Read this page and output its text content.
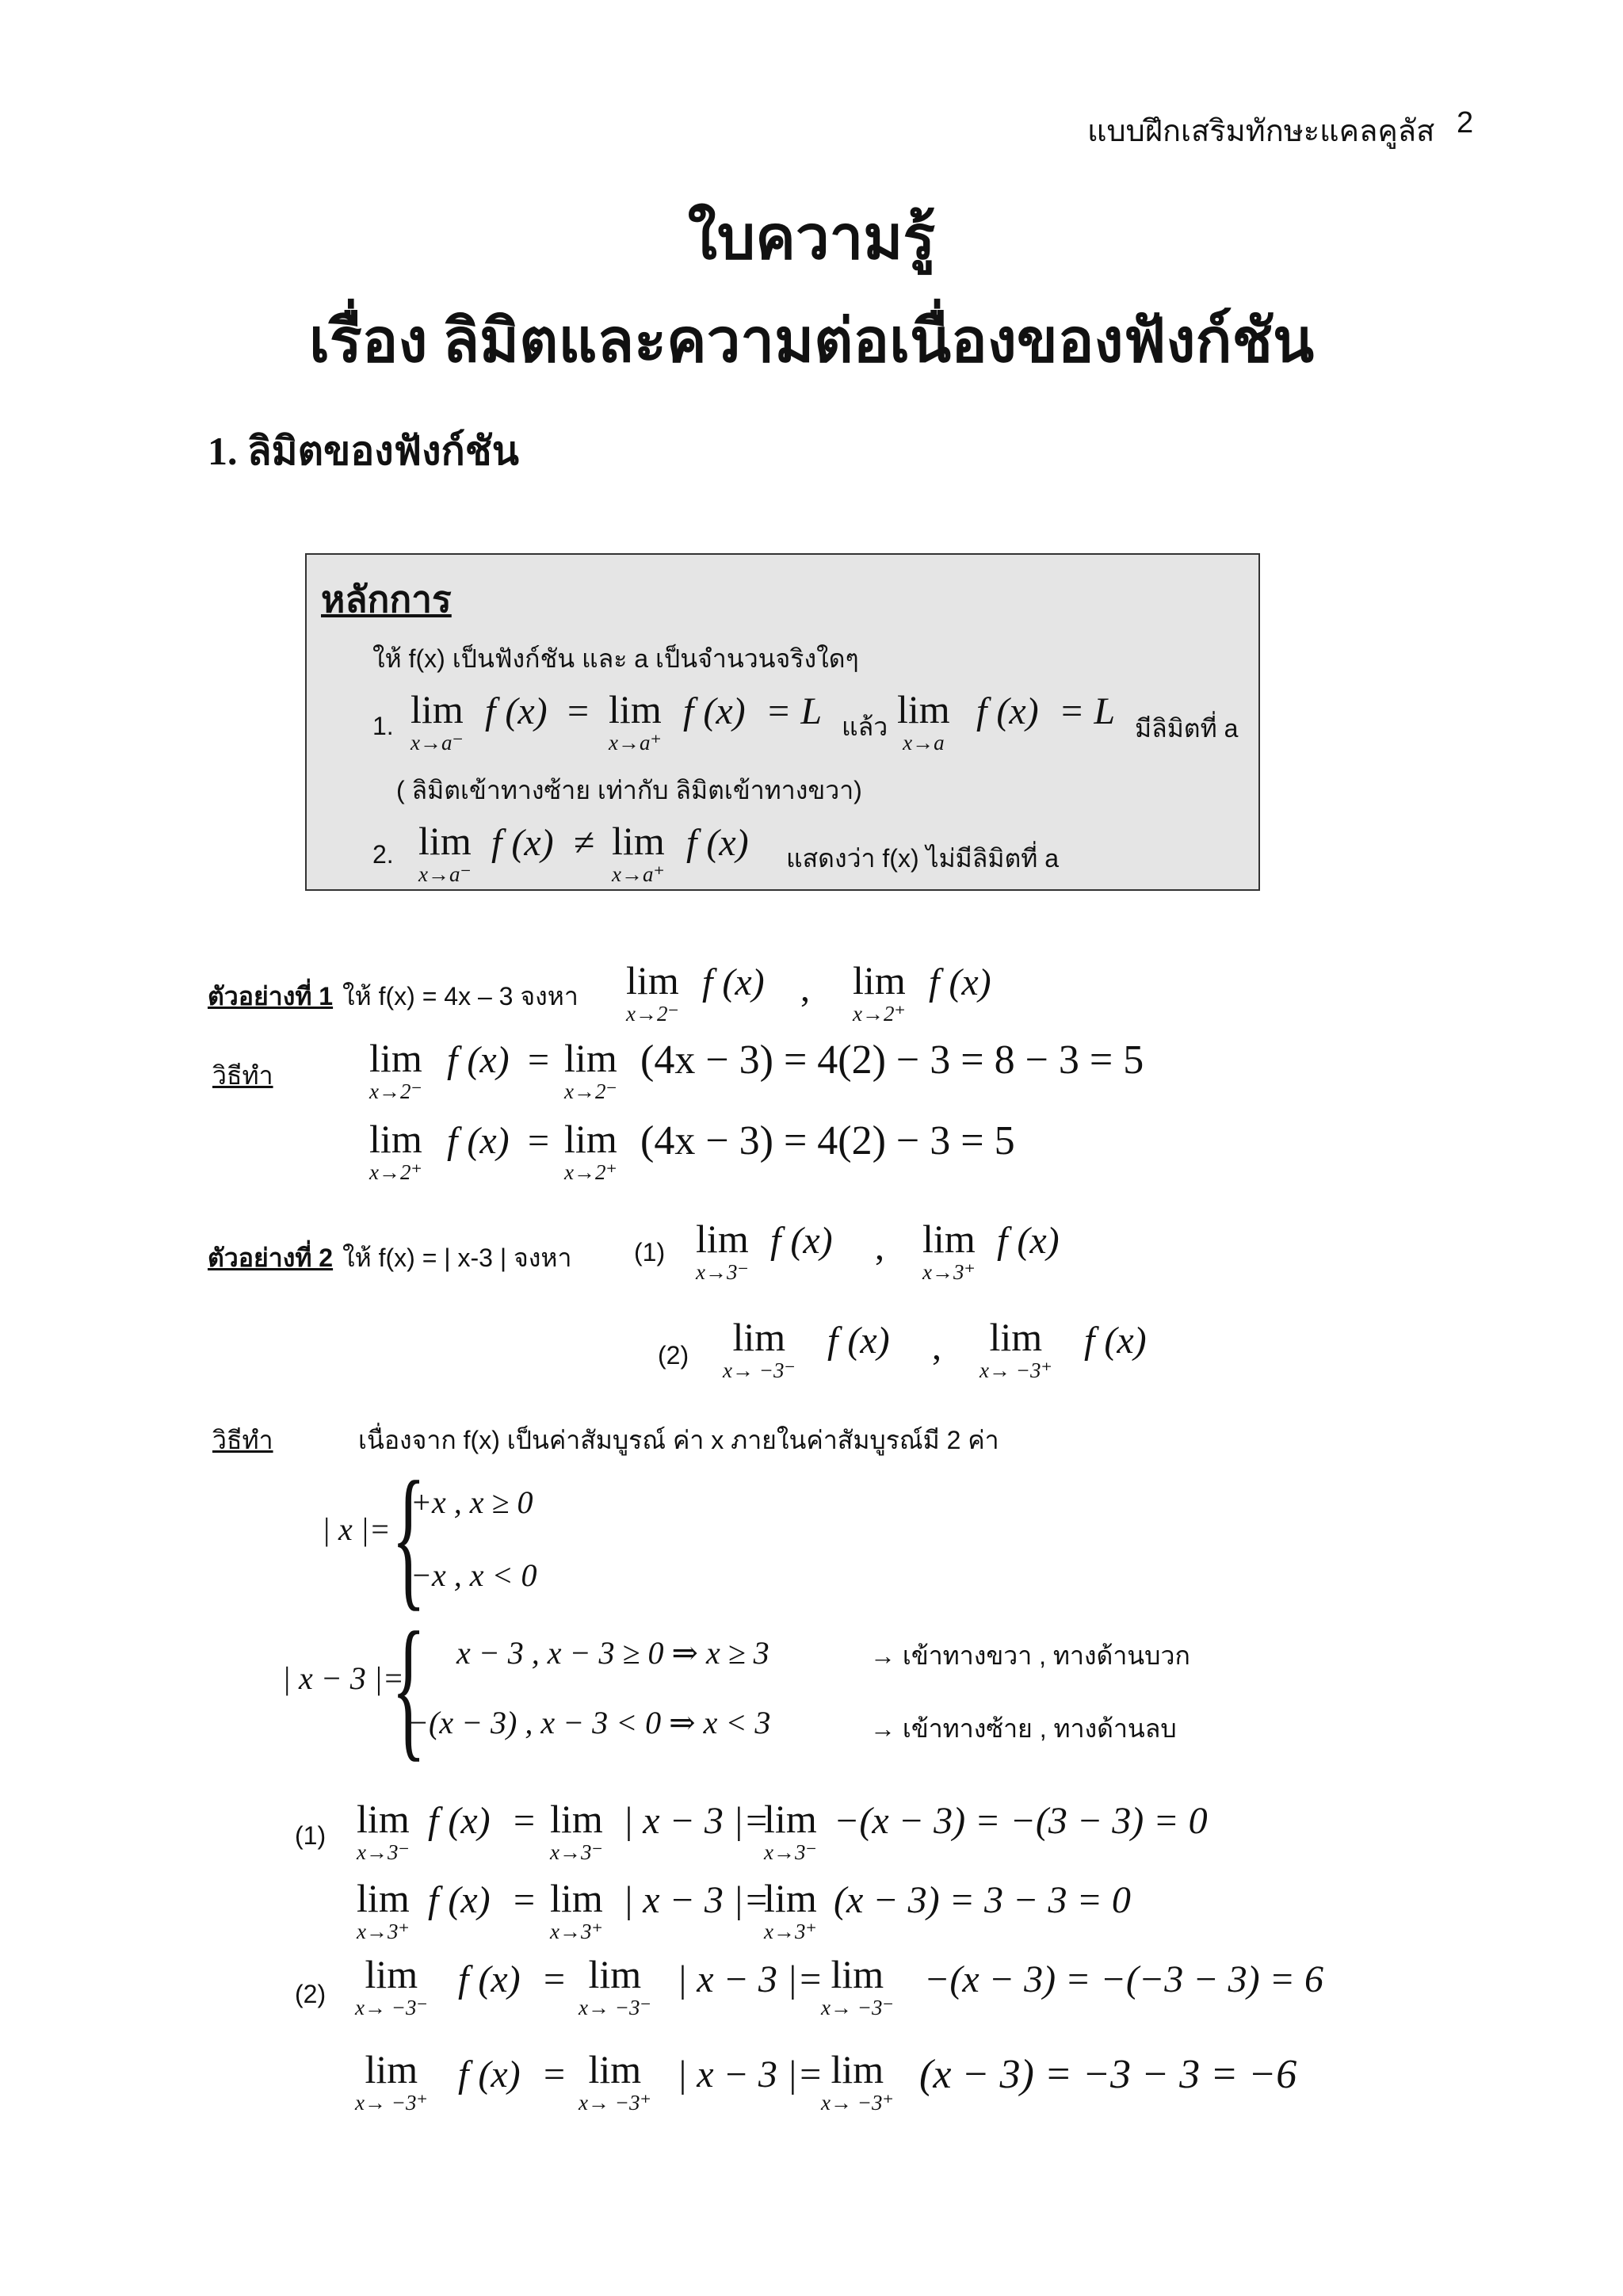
แบบฝึกเสริมทักษะแคลคูลัส 2
ใบความรู้
เรื่อง ลิมิตและความต่อเนื่องของฟังก์ชัน
1. ลิมิตของฟังก์ชัน
หลักการ
ให้ f(x) เป็นฟังก์ชัน และ a เป็นจำนวนจริงใดๆ
1. lim
x→a⁻
f (x) = lim
x→a⁺
f (x) = L แล้ว lim
x→a
f (x) = L มีลิมิตที่ a
( ลิมิตเข้าทางซ้าย เท่ากับ ลิมิตเข้าทางขวา)
2. lim
x→a⁻
f (x) ≠ lim
x→a⁺
f (x) แสดงว่า f(x) ไม่มีลิมิตที่ a
ตัวอย่างที่ 1 ให้ f(x) = 4x – 3 จงหา lim
x→2⁻
f (x) , lim
x→2⁺
f (x)
วิธีทำ lim
x→2⁻
f (x) = lim
x→2⁻
(4x − 3) = 4(2) − 3 = 8 − 3 = 5
lim
x→2⁺
f (x) = lim
x→2⁺
(4x − 3) = 4(2) − 3 = 5
ตัวอย่างที่ 2 ให้ f(x) = | x-3 | จงหา (1) lim
x→3⁻
f (x) , lim
x→3⁺
f (x)
(2) lim
x→ −3⁻
f (x) , lim
x→ −3⁺
f (x)
วิธีทำ	เนื่องจาก f(x) เป็นค่าสัมบูรณ์ ค่า x ภายในค่าสัมบูรณ์มี 2 ค่า
| x |= {
+x , x ≥ 0
−x , x < 0
| x − 3 |=
{ x − 3 , x − 3 ≥ 0 ⇒ x ≥ 3
−(x − 3) , x − 3 < 0 ⇒ x < 3
→ เข้าทางขวา , ทางด้านบวก
→ เข้าทางซ้าย , ทางด้านลบ
(1) lim
x→3⁻
f (x) = lim
x→3⁻
| x − 3 |=
lim
x→3⁻
−(x − 3) = −(3 − 3) = 0
lim
x→3⁺
f (x) = lim
x→3⁺
| x − 3 |=
lim
x→3⁺
(x − 3) = 3 − 3 = 0
(2) lim
x→ −3⁻
f (x) = lim
x→ −3⁻
| x − 3 |= lim
x→ −3⁻
−(x − 3) = −(−3 − 3) = 6
lim
x→ −3⁺
f (x) = lim
x→ −3⁺
| x − 3 |= lim
x→ −3⁺
(x − 3) = −3 − 3 = −6
